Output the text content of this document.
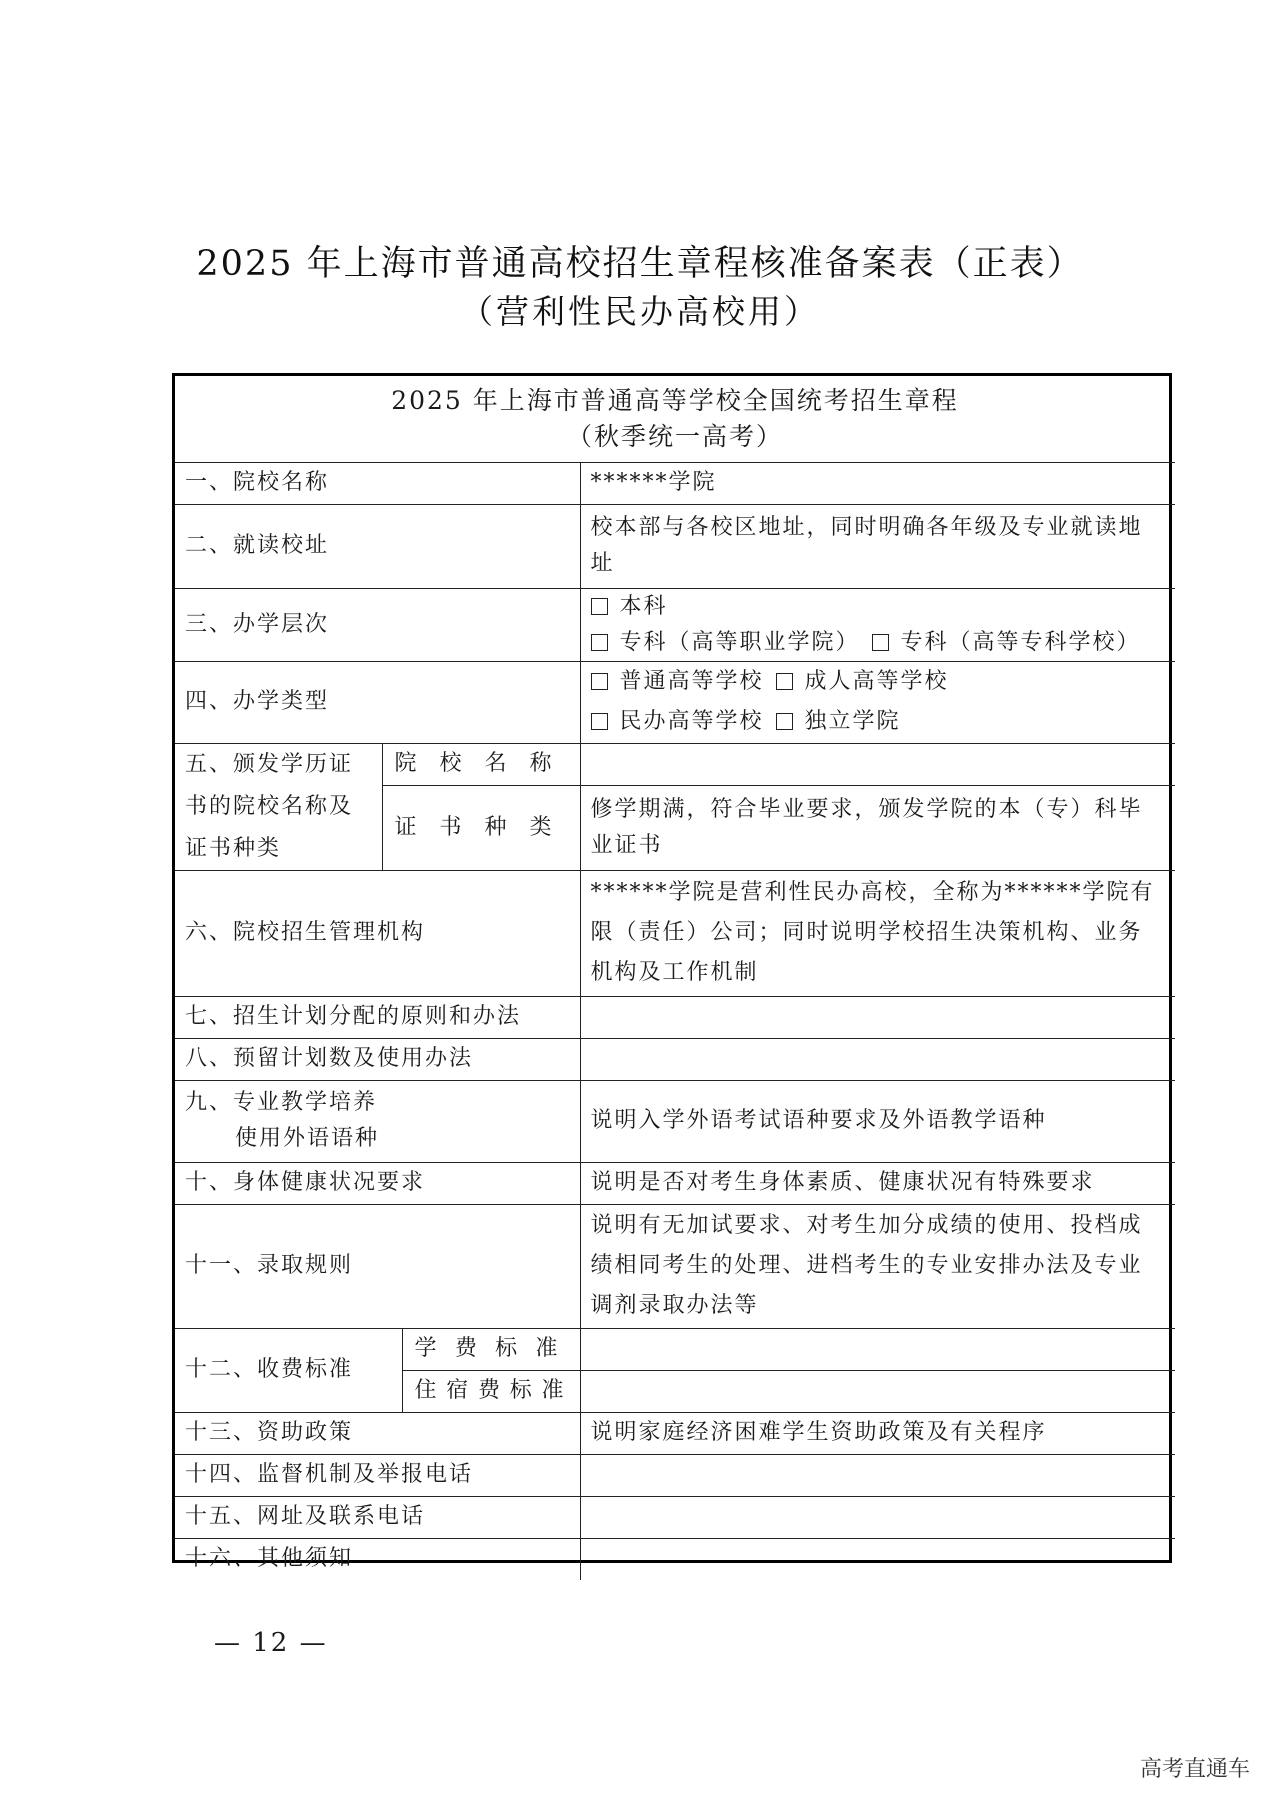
2025 年上海市普通高校招生章程核准备案表（正表）
（营利性民办高校用）
2025 年上海市普通高等学校全国统考招生章程
（秋季统一高考）			

一、院校名称			******学院
二、就读校址			校本部与各校区地址，同时明确各年级及专业就读地址
三、办学层次			本科
专科（高等职业学院） 专科（高等专科学校）

四、办学类型			普通高等学校 成人高等学校
民办高等学校 独立学院

五、颁发学历证书的院校名称及证书种类	院校名称		
	证书种类		修学期满，符合毕业要求，颁发学院的本（专）科毕业证书
六、院校招生管理机构			******学院是营利性民办高校，全称为******学院有限（责任）公司；同时说明学校招生决策机构、业务机构及工作机制
七、招生计划分配的原则和办法			
八、预留计划数及使用办法			

九、专业教学培养
使用外语语种			说明入学外语考试语种要求及外语教学语种
十、身体健康状况要求			说明是否对考生身体素质、健康状况有特殊要求
十一、录取规则			说明有无加试要求、对考生加分成绩的使用、投档成绩相同考生的处理、进档考生的专业安排办法及专业调剂录取办法等
十二、收费标准		学费标准	
		住宿费标准	
十三、资助政策			说明家庭经济困难学生资助政策及有关程序
十四、监督机制及举报电话			
十五、网址及联系电话			
十六、其他须知			
— 12 —
高考直通车
